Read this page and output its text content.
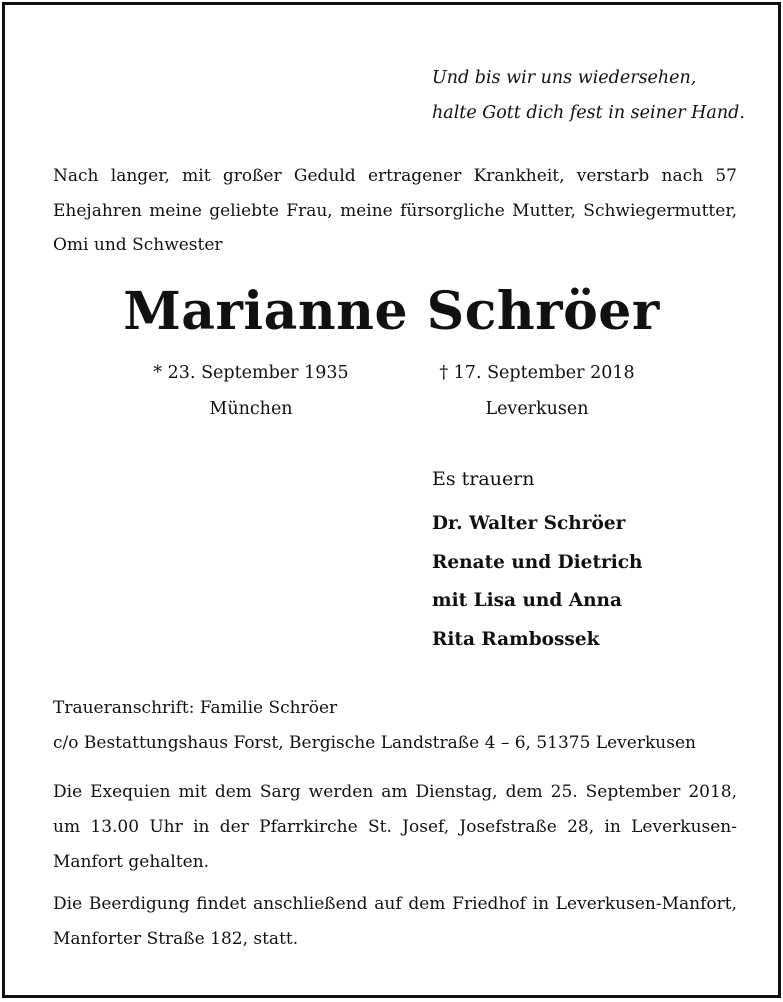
Und bis wir uns wiedersehen,
halte Gott dich fest in seiner Hand.
Nach langer, mit großer Geduld ertragener Krankheit, verstarb nach 57 Ehejahren meine geliebte Frau, meine fürsorgliche Mutter, Schwiegermutter, Omi und Schwester
Marianne Schröer
* 23. September 1935
München
† 17. September 2018
Leverkusen
Es trauern
Dr. Walter Schröer
Renate und Dietrich
mit Lisa und Anna
Rita Rambossek
Traueranschrift: Familie Schröer
c/o Bestattungshaus Forst, Bergische Landstraße 4 – 6, 51375 Leverkusen
Die Exequien mit dem Sarg werden am Dienstag, dem 25. September 2018, um 13.00 Uhr in der Pfarrkirche St. Josef, Josefstraße 28, in Leverkusen-Manfort gehalten.
Die Beerdigung findet anschließend auf dem Friedhof in Leverkusen-Manfort, Manforter Straße 182, statt.
